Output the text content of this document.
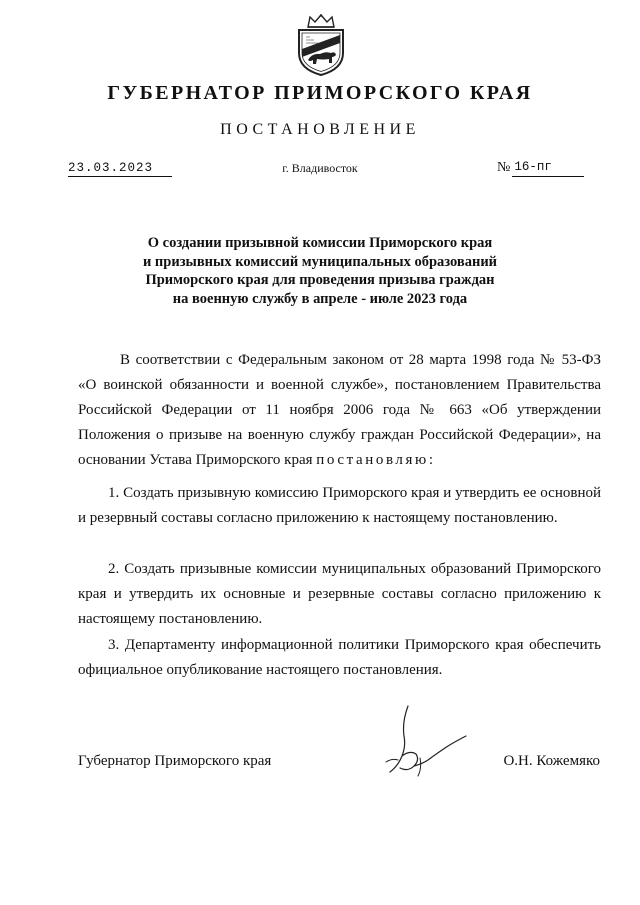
ГУБЕРНАТОР ПРИМОРСКОГО КРАЯ
ПОСТАНОВЛЕНИЕ
23.03.2023	г. Владивосток	№ 16-пг
О создании призывной комиссии Приморского края
и призывных комиссий муниципальных образований
Приморского края для проведения призыва граждан
на военную службу в апреле - июле 2023 года
В соответствии с Федеральным законом от 28 марта 1998 года № 53-ФЗ «О воинской обязанности и военной службе», постановлением Правительства Российской Федерации от 11 ноября 2006 года № 663 «Об утверждении Положения о призыве на военную службу граждан Российской Федерации», на основании Устава Приморского края постановляю:
1. Создать призывную комиссию Приморского края и утвердить ее основной и резервный составы согласно приложению к настоящему постановлению.
2. Создать призывные комиссии муниципальных образований Приморского края и утвердить их основные и резервные составы согласно приложению к настоящему постановлению.
3. Департаменту информационной политики Приморского края обеспечить официальное опубликование настоящего постановления.
Губернатор Приморского края	О.Н. Кожемяко
